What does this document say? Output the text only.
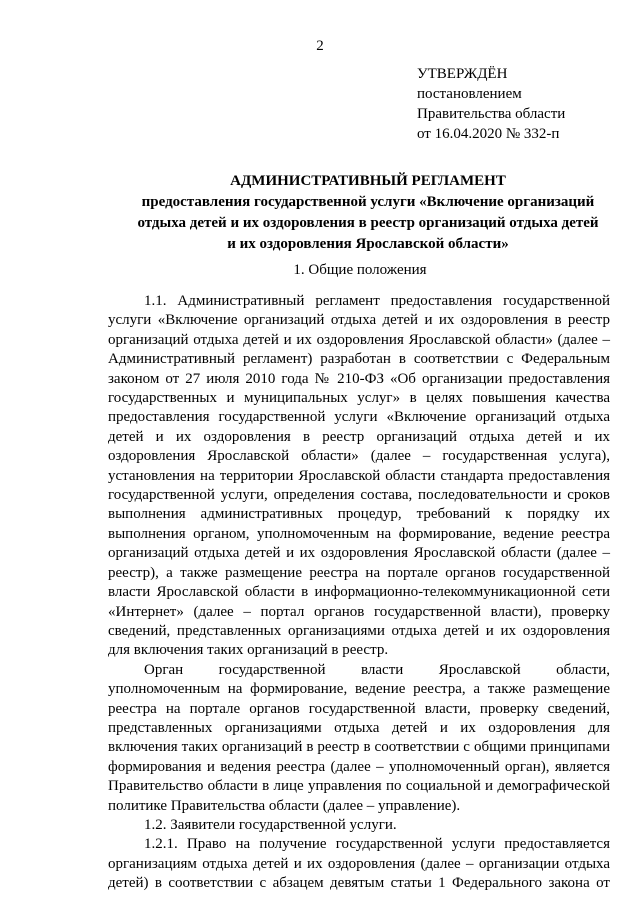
2
УТВЕРЖДЁН
постановлением
Правительства области
от 16.04.2020 № 332-п
АДМИНИСТРАТИВНЫЙ РЕГЛАМЕНТ
предоставления государственной услуги «Включение организаций
отдыха детей и их оздоровления в реестр организаций отдыха детей
и их оздоровления Ярославской области»
1. Общие положения
1.1. Административный регламент предоставления государственной
услуги «Включение организаций отдыха детей и их оздоровления в реестр
организаций отдыха детей и их оздоровления Ярославской области» (далее –
Административный регламент) разработан в соответствии с Федеральным
законом от 27 июля 2010 года № 210-ФЗ «Об организации предоставления
государственных и муниципальных услуг» в целях повышения качества
предоставления государственной услуги «Включение организаций отдыха
детей и их оздоровления в реестр организаций отдыха детей и их
оздоровления Ярославской области» (далее – государственная услуга),
установления на территории Ярославской области стандарта предоставления
государственной услуги, определения состава, последовательности и сроков
выполнения административных процедур, требований к порядку их
выполнения органом, уполномоченным на формирование, ведение реестра
организаций отдыха детей и их оздоровления Ярославской области (далее –
реестр), а также размещение реестра на портале органов государственной
власти Ярославской области в информационно-телекоммуникационной сети
«Интернет» (далее – портал органов государственной власти), проверку
сведений, представленных организациями отдыха детей и их оздоровления
для включения таких организаций в реестр.
Орган государственной власти Ярославской области,
уполномоченным на формирование, ведение реестра, а также размещение
реестра на портале органов государственной власти, проверку сведений,
представленных организациями отдыха детей и их оздоровления для
включения таких организаций в реестр в соответствии с общими принципами
формирования и ведения реестра (далее – уполномоченный орган), является
Правительство области в лице управления по социальной и демографической
политике Правительства области (далее – управление).
1.2. Заявители государственной услуги.
1.2.1. Право на получение государственной услуги предоставляется
организациям отдыха детей и их оздоровления (далее – организации отдыха
детей) в соответствии с абзацем девятым статьи 1 Федерального закона от
